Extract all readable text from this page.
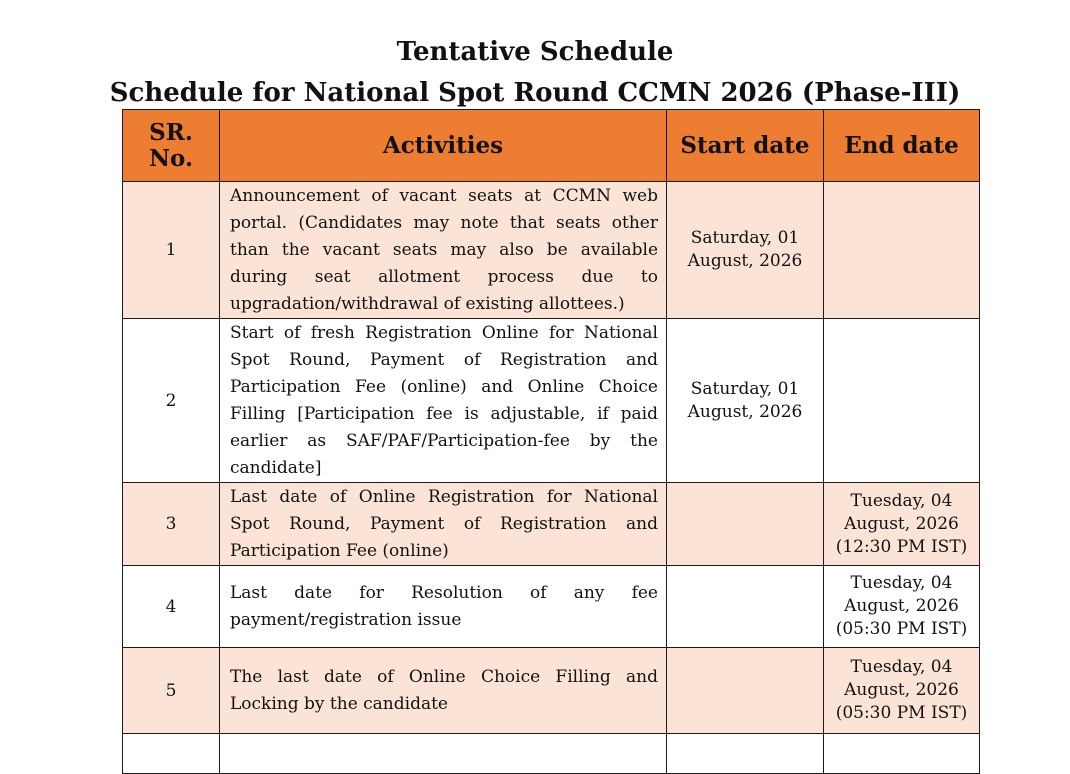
Tentative Schedule
Schedule for National Spot Round CCMN 2026 (Phase-III)
SR.
No.	Activities	Start date	End date
1	Announcement of vacant seats at CCMN web portal. (Candidates may note that seats other than the vacant seats may also be available during seat allotment process due to upgradation/withdrawal of existing allottees.)	Saturday, 01
August, 2026	

2	Start of fresh Registration Online for National Spot Round, Payment of Registration and Participation Fee (online) and Online Choice Filling [Participation fee is adjustable, if paid earlier as SAF/PAF/Participation-fee by the candidate]	Saturday, 01
August, 2026	

3	Last date of Online Registration for National Spot Round, Payment of Registration and Participation Fee (online)		Tuesday, 04
August, 2026
(12:30 PM IST)

4	Last date for Resolution of any fee payment/registration issue		Tuesday, 04
August, 2026
(05:30 PM IST)

5	The last date of Online Choice Filling and Locking by the candidate		Tuesday, 04
August, 2026
(05:30 PM IST)
